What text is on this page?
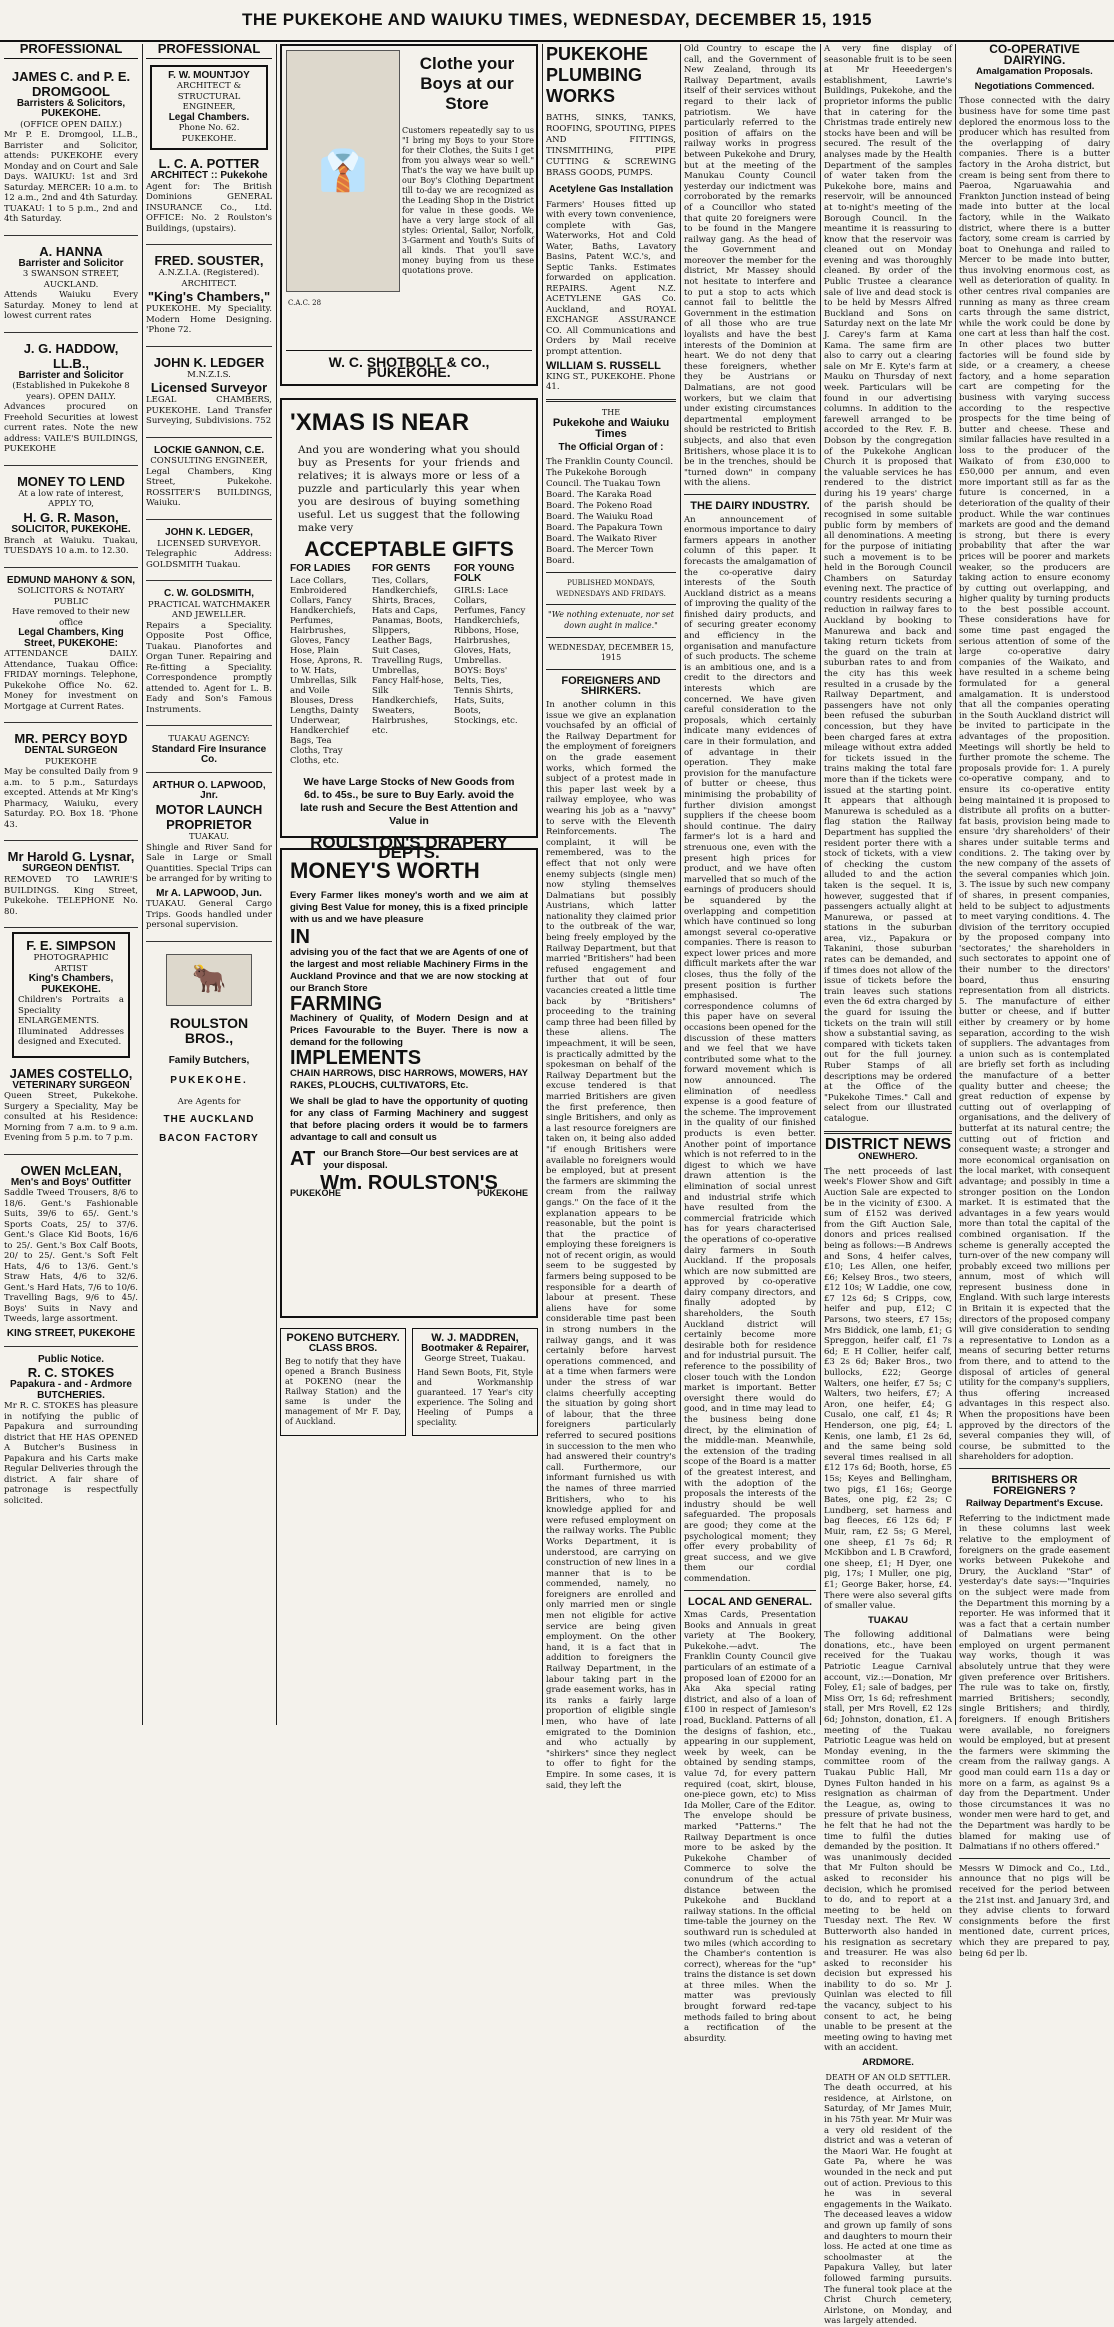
THE PUKEKOHE AND WAIUKU TIMES, WEDNESDAY, DECEMBER 15, 1915
PROFESSIONAL
JAMES C. and P. E. DROMGOOL
Barristers & Solicitors, PUKEKOHE.
(OFFICE OPEN DAILY.)

Mr P. E. Dromgool, LL.B., Barrister and Solicitor, attends: PUKEKOHE every Monday and on Court and Sale Days. WAIUKU: 1st and 3rd Saturday. MERCER: 10 a.m. to 12 a.m., 2nd and 4th Saturday. TUAKAU: 1 to 5 p.m., 2nd and 4th Saturday.

A. HANNA
Barrister and Solicitor
3 SWANSON STREET, AUCKLAND.

Attends Waiuku Every Saturday. Money to lend at lowest current rates

J. G. HADDOW, LL.B.,
Barrister and Solicitor
(Established in Pukekohe 8 years). OPEN DAILY.

Advances procured on Freehold Securities at lowest current rates. Note the new address: VAILE'S BUILDINGS, PUKEKOHE

MONEY TO LEND
At a low rate of interest,
APPLY TO,
H. G. R. Mason,
SOLICITOR, PUKEKOHE.

Branch at Waiuku. Tuakau, TUESDAYS 10 a.m. to 12.30.

EDMUND MAHONY & SON,
SOLICITORS & NOTARY PUBLIC
Have removed to their new office
Legal Chambers, King Street, PUKEKOHE:

ATTENDANCE DAILY. Attendance, Tuakau Office: FRIDAY mornings. Telephone, Pukekohe Office No. 62. Money for investment on Mortgage at Current Rates.

MR. PERCY BOYD
DENTAL SURGEON
PUKEKOHE

May be consulted Daily from 9 a.m. to 5 p.m., Saturdays excepted. Attends at Mr King's Pharmacy, Waiuku, every Saturday. P.O. Box 18. 'Phone 43.

Mr Harold G. Lysnar,
SURGEON DENTIST.

REMOVED TO LAWRIE'S BUILDINGS. King Street, Pukekohe. TELEPHONE No. 80.

F. E. SIMPSON
PHOTOGRAPHIC ARTIST
King's Chambers, PUKEKOHE.

Children's Portraits a Speciality ENLARGEMENTS. Illuminated Addresses designed and Executed.

JAMES COSTELLO,
VETERINARY SURGEON

Queen Street, Pukekohe. Surgery a Speciality, May be consulted at his Residence: Morning from 7 a.m. to 9 a.m. Evening from 5 p.m. to 7 p.m.

OWEN McLEAN,
Men's and Boys' Outfitter

Saddle Tweed Trousers, 8/6 to 18/6. Gent.'s Fashionable Suits, 39/6 to 65/. Gent.'s Sports Coats, 25/ to 37/6. Gent.'s Glace Kid Boots, 16/6 to 25/. Gent.'s Box Calf Boots, 20/ to 25/. Gent.'s Soft Felt Hats, 4/6 to 13/6. Gent.'s Straw Hats, 4/6 to 32/6. Gent.'s Hard Hats, 7/6 to 10/6. Travelling Bags, 9/6 to 45/. Boys' Suits in Navy and Tweeds, large assortment.

KING STREET, PUKEKOHE
Public Notice.
R. C. STOKES
Papakura - and - Ardmore BUTCHERIES.

Mr R. C. STOKES has pleasure in notifying the public of Papakura and surrounding district that HE HAS OPENED A Butcher's Business in Papakura and his Carts make Regular Deliveries through the district. A fair share of patronage is respectfully solicited.

PROFESSIONAL
F. W. MOUNTJOY
ARCHITECT & STRUCTURAL ENGINEER,
Legal Chambers.
Phone No. 62. PUKEKOHE.
L. C. A. POTTER
ARCHITECT :: Pukekohe

Agent for: The British Dominions GENERAL INSURANCE Co., Ltd. OFFICE: No. 2 Roulston's Buildings, (upstairs).

FRED. SOUSTER,
A.N.Z.I.A. (Registered). ARCHITECT.
"King's Chambers,"

PUKEKOHE. My Speciality. Modern Home Designing. 'Phone 72.

JOHN K. LEDGER
M.N.Z.I.S.
Licensed Surveyor

LEGAL CHAMBERS, PUKEKOHE. Land Transfer Surveying, Subdivisions. 752

LOCKIE GANNON, C.E.
CONSULTING ENGINEER,

Legal Chambers, King Street, Pukekohe. ROSSITER'S BUILDINGS, Waiuku.

JOHN K. LEDGER,
LICENSED SURVEYOR.

Telegraphic Address: GOLDSMITH Tuakau.

C. W. GOLDSMITH,
PRACTICAL WATCHMAKER AND JEWELLER.

Repairs a Speciality. Opposite Post Office, Tuakau. Pianofortes and Organ Tuner. Repairing and Re-fitting a Speciality. Correspondence promptly attended to. Agent for L. B. Eady and Son's Famous Instruments.

TUAKAU AGENCY:
Standard Fire Insurance Co.
ARTHUR O. LAPWOOD, Jnr.
MOTOR LAUNCH PROPRIETOR
TUAKAU.

Shingle and River Sand for Sale in Large or Small Quantities. Special Trips can be arranged for by writing to

Mr A. LAPWOOD, Jun.

TUAKAU. General Cargo Trips. Goods handled under personal supervision.

🐂
ROULSTON BROS.,
Family Butchers,
PUKEKOHE.
Are Agents for
THE AUCKLAND
BACON FACTORY
👔
Clothe your Boys at our Store

Customers repeatedly say to us "I bring my Boys to your Store for their Clothes, the Suits I get from you always wear so well." That's the way we have built up our Boy's Clothing Department till to-day we are recognized as the Leading Shop in the District for value in these goods. We have a very large stock of all styles: Oriental, Sailor, Norfolk, 3-Garment and Youth's Suits of all kinds. That you'll save money buying from us these quotations prove.

C.A.C. 28
W. C. SHOTBOLT & CO., PUKEKOHE.
'XMAS IS NEAR

And you are wondering what you should buy as Presents for your friends and relatives; it is always more or less of a puzzle and particularly this year when you are desirous of buying something useful. Let us suggest that the following make very

ACCEPTABLE GIFTS
FOR LADIES
Lace Collars, Embroidered Collars, Fancy Handkerchiefs, Perfumes, Hairbrushes, Gloves, Fancy Hose, Plain Hose, Aprons, R. to W. Hats, Umbrellas, Silk and Voile Blouses, Dress Lengths, Dainty Underwear, Handkerchief Bags, Tea Cloths, Tray Cloths, etc.
FOR GENTS
Ties, Collars, Handkerchiefs, Shirts, Braces, Hats and Caps, Panamas, Boots, Slippers, Leather Bags, Suit Cases, Travelling Rugs, Umbrellas, Fancy Half-hose, Silk Handkerchiefs, Sweaters, Hairbrushes, etc.
FOR YOUNG FOLK
GIRLS: Lace Collars, Perfumes, Fancy Handkerchiefs, Ribbons, Hose, Hairbrushes, Gloves, Hats, Umbrellas. BOYS: Boys' Belts, Ties, Tennis Shirts, Hats, Suits, Boots, Stockings, etc.
We have Large Stocks of New Goods from 6d. to 45s., be sure to Buy Early. avoid the late rush and Secure the Best Attention and Value in
ROULSTON'S DRAPERY DEPTS.
MONEY'S WORTH

Every Farmer likes money's worth and we aim at giving Best Value for money, this is a fixed principle with us and we have pleasure

IN

advising you of the fact that we are Agents of one of the largest and most reliable Machinery Firms in the Auckland Province and that we are now stocking at our Branch Store

FARMING

Machinery of Quality, of Modern Design and at Prices Favourable to the Buyer. There is now a demand for the following

IMPLEMENTS

CHAIN HARROWS, DISC HARROWS, MOWERS, HAY RAKES, PLOUCHS, CULTIVATORS, Etc.

We shall be glad to have the opportunity of quoting for any class of Farming Machinery and suggest that before placing orders it would be to farmers advantage to call and consult us

AT our Branch Store—Our best services are at your disposal.
Wm. ROULSTON'S
PUKEKOHE	PUKEKOHE
POKENO BUTCHERY.
CLASS BROS.

Beg to notify that they have opened a Branch Business at POKENO (near the Railway Station) and the same is under the management of Mr F. Day, of Auckland.

W. J. MADDREN,
Bootmaker & Repairer,
George Street, Tuakau.

Hand Sewn Boots, Fit, Style and Workmanship guaranteed. 17 Year's city experience. The Soling and Heeling of Pumps a speciality.

PUKEKOHE PLUMBING WORKS

BATHS, SINKS, TANKS, ROOFING, SPOUTING, PIPES AND FITTINGS, TINSMITHING, PIPE CUTTING & SCREWING BRASS GOODS, PUMPS.

Acetylene Gas Installation

Farmers' Houses fitted up with every town convenience, complete with Gas, Waterworks, Hot and Cold Water, Baths, Lavatory Basins, Patent W.C.'s, and Septic Tanks. Estimates forwarded on application. REPAIRS. Agent N.Z. ACETYLENE GAS Co. Auckland, and ROYAL EXCHANGE ASSURANCE CO. All Communications and Orders by Mail receive prompt attention.

WILLIAM S. RUSSELL
KING ST., PUKEKOHE. Phone 41.
THE
Pukekohe and Waiuku Times
The Official Organ of :

The Franklin County Council. The Pukekohe Borough Council. The Tuakau Town Board. The Karaka Road Board. The Pokeno Road Board. The Waiuku Road Board. The Papakura Town Board. The Waikato River Board. The Mercer Town Board.

PUBLISHED MONDAYS, WEDNESDAYS AND FRIDAYS.
"We nothing extenuate, nor set down aught in malice."
WEDNESDAY, DECEMBER 15, 1915
FOREIGNERS AND SHIRKERS.

In another column in this issue we give an explanation vouchsafed by an official of the Railway Department for the employment of foreigners on the grade easement works, which formed the subject of a protest made in this paper last week by a railway employee, who was wearing his job as a "navvy" to serve with the Eleventh Reinforcements. The complaint, it will be remembered, was to the effect that not only were enemy subjects (single men) now styling themselves Dalmatians but possibly Austrians, which latter nationality they claimed prior to the outbreak of the war, being freely employed by the Railway Department, but that married "Britishers" had been refused engagement and further that out of four vacancies created a little time back by "Britishers" proceeding to the training camp three had been filled by these aliens. The impeachment, it will be seen, is practically admitted by the spokesman on behalf of the Railway Department but the excuse tendered is that married Britishers are given the first preference, then single Britishers, and only as a last resource foreigners are taken on, it being also added "if enough Britishers were available no foreigners would be employed, but at present the farmers are skimming the cream from the railway gangs." On the face of it the explanation appears to be reasonable, but the point is that the practice of employing these foreigners is not of recent origin, as would seem to be suggested by farmers being supposed to be responsible for a dearth of labour at present. These aliens have for some considerable time past been in strong numbers in the railway gangs, and it was certainly before harvest operations commenced, and at a time when farmers were under the stress of war claims cheerfully accepting the situation by going short of labour, that the three foreigners particularly referred to secured positions in succession to the men who had answered their country's call. Furthermore, our informant furnished us with the names of three married Britishers, who to his knowledge applied for and were refused employment on the railway works. The Public Works Department, it is understood, are carrying on construction of new lines in a manner that is to be commended, namely, no foreigners are enrolled and only married men or single men not eligible for active service are being given employment. On the other hand, it is a fact that in addition to foreigners the Railway Department, in the labour taking part in the grade easement works, has in its ranks a fairly large proportion of eligible single men, who have of late emigrated to the Dominion and who actually by "shirkers" since they neglect to offer to fight for the Empire. In some cases, it is said, they left the

Old Country to escape the call, and the Government of New Zealand, through its Railway Department, avails itself of their services without regard to their lack of patriotism. We have particularly referred to the position of affairs on the railway works in progress between Pukekohe and Drury, but at the meeting of the Manukau County Council yesterday our indictment was corroborated by the remarks of a Councillor who stated that quite 20 foreigners were to be found in the Mangere railway gang. As the head of the Government and moreover the member for the district, Mr Massey should not hesitate to interfere and to put a stop to acts which cannot fail to belittle the Government in the estimation of all those who are true loyalists and have the best interests of the Dominion at heart. We do not deny that these foreigners, whether they be Austrians or Dalmatians, are not good workers, but we claim that under existing circumstances departmental employment should be restricted to British subjects, and also that even Britishers, whose place it is to be in the trenches, should be "turned down" in company with the aliens.

THE DAIRY INDUSTRY.

An announcement of enormous importance to dairy farmers appears in another column of this paper. It forecasts the amalgamation of the co-operative dairy interests of the South Auckland district as a means of improving the quality of the finished dairy products, and of securing greater economy and efficiency in the organisation and manufacture of such products. The scheme is an ambitious one, and is a credit to the directors and interests which are concerned. We have given careful consideration to the proposals, which certainly indicate many evidences of care in their formulation, and of advantage in their operation. They make provision for the manufacture of butter or cheese, thus minimising the probability of further division amongst suppliers if the cheese boom should continue. The dairy farmer's lot is a hard and strenuous one, even with the present high prices for product, and we have often marvelled that so much of the earnings of producers should be squandered by the overlapping and competition which have continued so long amongst several co-operative companies. There is reason to expect lower prices and more difficult markets after the war closes, thus the folly of the present position is further emphasised. The correspondence columns of this paper have on several occasions been opened for the discussion of these matters and we feel that we have contributed some what to the forward movement which is now announced. The elimination of needless expense is a good feature of the scheme. The improvement in the quality of our finished products is even better. Another point of importance which is not referred to in the digest to which we have drawn attention is the elimination of social unrest and industrial strife which have resulted from the commercial fratricide which has for years characterised the operations of co-operative dairy farmers in South Auckland. If the proposals which are now submitted are approved by co-operative dairy company directors, and finally adopted by shareholders, the South Auckland district will certainly become more desirable both for residence and for industrial pursuit. The reference to the possibility of closer touch with the London market is important. Better oversight there would do good, and in time may lead to the business being done direct, by the elimination of the middle-man. Meanwhile, the extension of the trading scope of the Board is a matter of the greatest interest, and with the adoption of the proposals the interests of the industry should be well safeguarded. The proposals are good; they come at the psychological moment; they offer every probability of great success, and we give them our cordial commendation.

LOCAL AND GENERAL.

Xmas Cards, Presentation Books and Annuals in great variety at The Bookery, Pukekohe.—advt. The Franklin County Council give particulars of an estimate of a proposed loan of £2000 for an Aka Aka special rating district, and also of a loan of £100 in respect of Jamieson's road, Buckland. Patterns of all the designs of fashion, etc., appearing in our supplement, week by week, can be obtained by sending stamps, value 7d, for every pattern required (coat, skirt, blouse, one-piece gown, etc) to Miss Ida Moller, Care of the Editor. The envelope should be marked "Patterns." The Railway Department is once more to be asked by the Pukekohe Chamber of Commerce to solve the conundrum of the actual distance between the Pukekohe and Buckland railway stations. In the official time-table the journey on the southward run is scheduled at two miles (which according to the Chamber's contention is correct), whereas for the "up" trains the distance is set down at three miles. When the matter was previously brought forward red-tape methods failed to bring about a rectification of the absurdity.

A very fine display of seasonable fruit is to be seen at Mr Heeedergen's establishment, Lawrie's Buildings, Pukekohe, and the proprietor informs the public that in catering for the Christmas trade entirely new stocks have been and will be secured. The result of the analyses made by the Health Department of the samples of water taken from the Pukekohe bore, mains and reservoir, will be announced at to-night's meeting of the Borough Council. In the meantime it is reassuring to know that the reservoir was cleaned out on Monday evening and was thoroughly cleaned. By order of the Public Trustee a clearance sale of live and dead stock is to be held by Messrs Alfred Buckland and Sons on Saturday next on the late Mr J. Carey's farm at Kama Kama. The same firm are also to carry out a clearing sale on Mr E. Kyte's farm at Mauku on Thursday of next week. Particulars will be found in our advertising columns. In addition to the farewell arranged to be accorded to the Rev. F. B. Dobson by the congregation of the Pukekohe Anglican Church it is proposed that the valuable services he has rendered to the district during his 19 years' charge of the parish should be recognised in some suitable public form by members of all denominations. A meeting for the purpose of initiating such a movement is to be held in the Borough Council Chambers on Saturday evening next. The practice of country residents securing a reduction in railway fares to Auckland by booking to Manurewa and back and taking return tickets from the guard on the train at suburban rates to and from the city has this week resulted in a crusade by the Railway Department, and passengers have not only been refused the suburban concession, but they have been charged fares at extra mileage without extra added for tickets issued in the trains making the total fare more than if the tickets were issued at the starting point. It appears that although Manurewa is scheduled as a flag station the Railway Department has supplied the resident porter there with a stock of tickets, with a view of checking the custom alluded to and the action taken is the sequel. It is, however, suggested that if passengers actually alight at Manurewa, or passed at stations in the suburban area, viz., Papakura or Takanini, those suburban rates can be demanded, and if times does not allow of the issue of tickets before the train leaves such stations even the 6d extra charged by the guard for issuing the tickets on the train will still show a substantial saving, as compared with tickets taken out for the full journey. Ruber Stamps of all descriptions may be ordered at the Office of the "Pukekohe Times." Call and select from our illustrated catalogue.

DISTRICT NEWS
ONEWHERO.

The nett proceeds of last week's Flower Show and Gift Auction Sale are expected to be in the vicinity of £300. A sum of £152 was derived from the Gift Auction Sale, donors and prices realised being as follows:—B Andrews and Sons, 4 heifer calves, £10; Les Allen, one heifer, £6; Kelsey Bros., two steers, £12 10s; W Laddie, one cow, £7 12s 6d; S Cripps, cow, heifer and pup, £12; C Parsons, two steers, £7 15s; Mrs Biddick, one lamb, £1; G Spreggon, heifer calf, £1 7s 6d; E H Collier, heifer calf, £3 2s 6d; Baker Bros., two bullocks, £22; George Walters, one heifer, £7 5s; C Walters, two heifers, £7; A Aron, one heifer, £4; G Cusalo, one calf, £1 4s; R Henderson, one pig, £4; L Kenis, one lamb, £1 2s 6d, and the same being sold several times realised in all £12 17s 6d; Booth, horse, £5 15s; Keyes and Bellingham, two pigs, £1 16s; George Bates, one pig, £2 2s; C Lundberg, set harness and bag fleeces, £6 12s 6d; F Muir, ram, £2 5s; G Merel, one sheep, £1 7s 6d; R McKibbon and L B Crawford, one sheep, £1; H Dyer, one pig, 17s; I Muller, one pig, £1; George Baker, horse, £4. There were also several gifts of smaller value.

TUAKAU

The following additional donations, etc., have been received for the Tuakau Patriotic League Carnival account, viz.:—Donation, Mr Foley, £1; sale of badges, per Miss Orr, 1s 6d; refreshment stall, per Mrs Rovell, £2 12s 6d; Johnston, donation, £1. A meeting of the Tuakau Patriotic League was held on Monday evening, in the committee room of the Tuakau Public Hall, Mr Dynes Fulton handed in his resignation as chairman of the League, as, owing to pressure of private business, he felt that he had not the time to fulfil the duties demanded by the position. It was unanimously decided that Mr Fulton should be asked to reconsider his decision, which he promised to do, and to report at a meeting to be held on Tuesday next. The Rev. W Butterworth also handed in his resignation as secretary and treasurer. He was also asked to reconsider his decision but expressed his inability to do so. Mr J. Quinlan was elected to fill the vacancy, subject to his consent to act, he being unable to be present at the meeting owing to having met with an accident.

ARDMORE.
DEATH OF AN OLD SETTLER.

The death occurred, at his residence, at Airlstone, on Saturday, of Mr James Muir, in his 75th year. Mr Muir was a very old resident of the district and was a veteran of the Maori War. He fought at Gate Pa, where he was wounded in the neck and put out of action. Previous to this he was in several engagements in the Waikato. The deceased leaves a widow and grown up family of sons and daughters to mourn their loss. He acted at one time as schoolmaster at the Papakura Valley, but later followed farming pursuits. The funeral took place at the Christ Church cemetery, Airlstone, on Monday, and was largely attended.

CO-OPERATIVE DAIRYING.
Amalgamation Proposals.
Negotiations Commenced.

Those connected with the dairy business have for some time past deplored the enormous loss to the producer which has resulted from the overlapping of dairy companies. There is a butter factory in the Aroha district, but cream is being sent from there to Paeroa, Ngaruawahia and Frankton Junction instead of being made into butter at the local factory, while in the Waikato district, where there is a butter factory, some cream is carried by boat to Onehunga and railed to Mercer to be made into butter, thus involving enormous cost, as well as deterioration of quality. In other centres rival companies are running as many as three cream carts through the same district, while the work could be done by one cart at less than half the cost. In other places two butter factories will be found side by side, or a creamery, a cheese factory, and a home separation cart are competing for the business with varying success according to the respective prospects for the time being of butter and cheese. These and similar fallacies have resulted in a loss to the producer of the Waikato of from £30,000 to £50,000 per annum, and even more important still as far as the future is concerned, in a deterioration of the quality of their product. While the war continues markets are good and the demand is strong, but there is every probability that after the war prices will be poorer and markets weaker, so the producers are taking action to ensure economy by cutting out overlapping, and higher quality by turning products to the best possible account. These considerations have for some time past engaged the serious attention of some of the large co-operative dairy companies of the Waikato, and have resulted in a scheme being formulated for a general amalgamation. It is understood that all the companies operating in the South Auckland district will be invited to participate in the advantages of the proposition. Meetings will shortly be held to further promote the scheme. The proposals provide for: 1. A purely co-operative company, and to ensure its co-operative entity being maintained it is proposed to distribute all profits on a butter-fat basis, provision being made to ensure 'dry shareholders' of their shares under suitable terms and conditions. 2. The taking over by the new company of the assets of the several companies which join. 3. The issue by such new company of shares, in present companies, held to be subject to adjustments to meet varying conditions. 4. The division of the territory occupied by the proposed company into 'sectorates,' the shareholders in such sectorates to appoint one of their number to the directors' board, thus ensuring representation from all districts. 5. The manufacture of either butter or cheese, and if butter either by creamery or by home separation, according to the wish of suppliers. The advantages from a union such as is contemplated are briefly set forth as including the manufacture of a better quality butter and cheese; the great reduction of expense by cutting out of overlapping of organisations, and the delivery of butterfat at its natural centre; the cutting out of friction and consequent waste; a stronger and more economical organisation on the local market, with consequent advantage; and possibly in time a stronger position on the London market. It is estimated that the advantages in a few years would more than total the capital of the combined organisation. If the scheme is generally accepted the turn-over of the new company will probably exceed two millions per annum, most of which will represent business done in England. With such large interests in Britain it is expected that the directors of the proposed company will give consideration to sending a representative to London as a means of securing better returns from there, and to attend to the disposal of articles of general utility for the company's suppliers, thus offering increased advantages in this respect also. When the propositions have been approved by the directors of the several companies they will, of course, be submitted to the shareholders for adoption.

BRITISHERS OR FOREIGNERS ?
Railway Department's Excuse.

Referring to the indictment made in these columns last week relative to the employment of foreigners on the grade easement works between Pukekohe and Drury, the Auckland "Star" of yesterday's date says:—"Inquiries on the subject were made from the Department this morning by a reporter. He was informed that it was a fact that a certain number of Dalmatians were being employed on urgent permanent way works, though it was absolutely untrue that they were given preference over Britishers. The rule was to take on, firstly, married Britishers; secondly, single Britishers; and thirdly, foreigners. If enough Britishers were available, no foreigners would be employed, but at present the farmers were skimming the cream from the railway gangs. A good man could earn 11s a day or more on a farm, as against 9s a day from the Department. Under those circumstances it was no wonder men were hard to get, and the Department was hardly to be blamed for making use of Dalmatians if no others offered."

Messrs W Dimock and Co., Ltd., announce that no pigs will be received for the period between the 21st inst. and January 3rd, and they advise clients to forward consignments before the first mentioned date, current prices, which they are prepared to pay, being 6d per lb.
